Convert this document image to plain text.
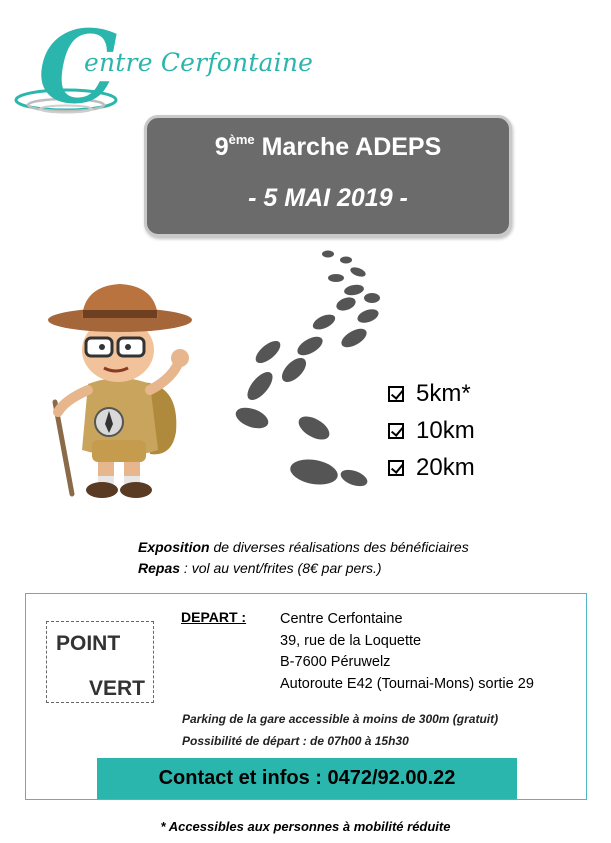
C
entre Cerfontaine
9ème Marche ADEPS
- 5 MAI 2019 -
5km*
10km
20km
Exposition de diverses réalisations des bénéficiaires
Repas : vol au vent/frites (8€ par pers.)
POINT
VERT
DEPART : Centre Cerfontaine
39, rue de la Loquette
B-7600 Péruwelz
Autoroute E42 (Tournai-Mons) sortie 29
Parking de la gare accessible à moins de 300m (gratuit)
Possibilité de départ : de 07h00 à 15h30
Contact et infos : 0472/92.00.22
* Accessibles aux personnes à mobilité réduite
